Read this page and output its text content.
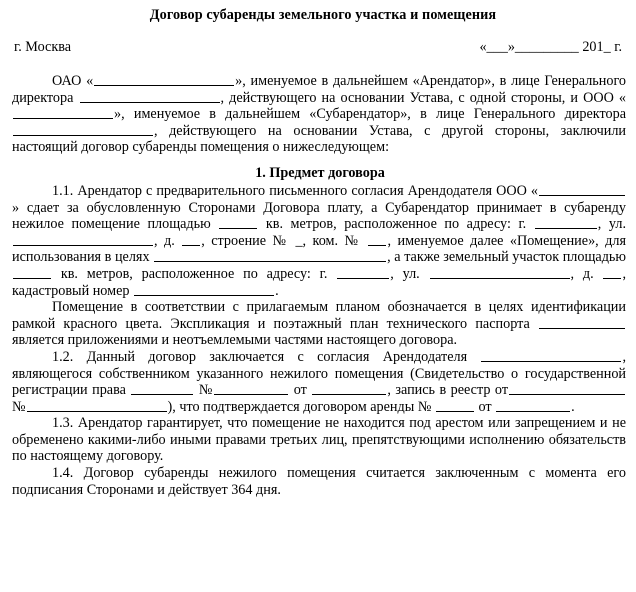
Договор субаренды земельного участка и помещения
г. Москва	«___»_________ 201_ г.

ОАО «	», именуемое в дальнейшем «Арендатор», в лице Генерального директора	, действующего на основании Устава, с одной стороны, и ООО «», именуемое в дальнейшем «Субарендатор», в лице Генерального директора , действующего на основании Устава, с другой стороны, заключили настоящий договор субаренды помещения о нижеследующем:

1. Предмет договора

1.1. Арендатор с предварительного письменного согласия Арендодателя ООО «» сдает за обусловленную Сторонами Договора плату, а Субарендатор принимает в субаренду нежилое помещение площадью	кв. метров, расположенное по адресу: г.	, ул. , д. , строение № _, ком. № , именуемое далее «Помещение», для использования в целях	, а также земельный участок площадью  кв. метров, расположенное по адресу: г.	, ул.	, д. , кадастровый номер	.

Помещение в соответствии с прилагаемым планом обозначается в целях идентификации рамкой красного цвета. Экспликация и поэтажный план технического паспорта  является приложениями и неотъемлемыми частями настоящего договора.

1.2. Данный договор заключается с согласия Арендодателя	, являющегося собственником указанного нежилого помещения (Свидетельство о государственной регистрации права	№	от	, запись в реестр от№	), что подтверждается договором аренды №	от	.

1.3. Арендатор гарантирует, что помещение не находится под арестом или запрещением и не обременено какими-либо иными правами третьих лиц, препятствующими исполнению обязательств по настоящему договору.

1.4. Договор субаренды нежилого помещения считается заключенным с момента его подписания Сторонами и действует 364 дня.
